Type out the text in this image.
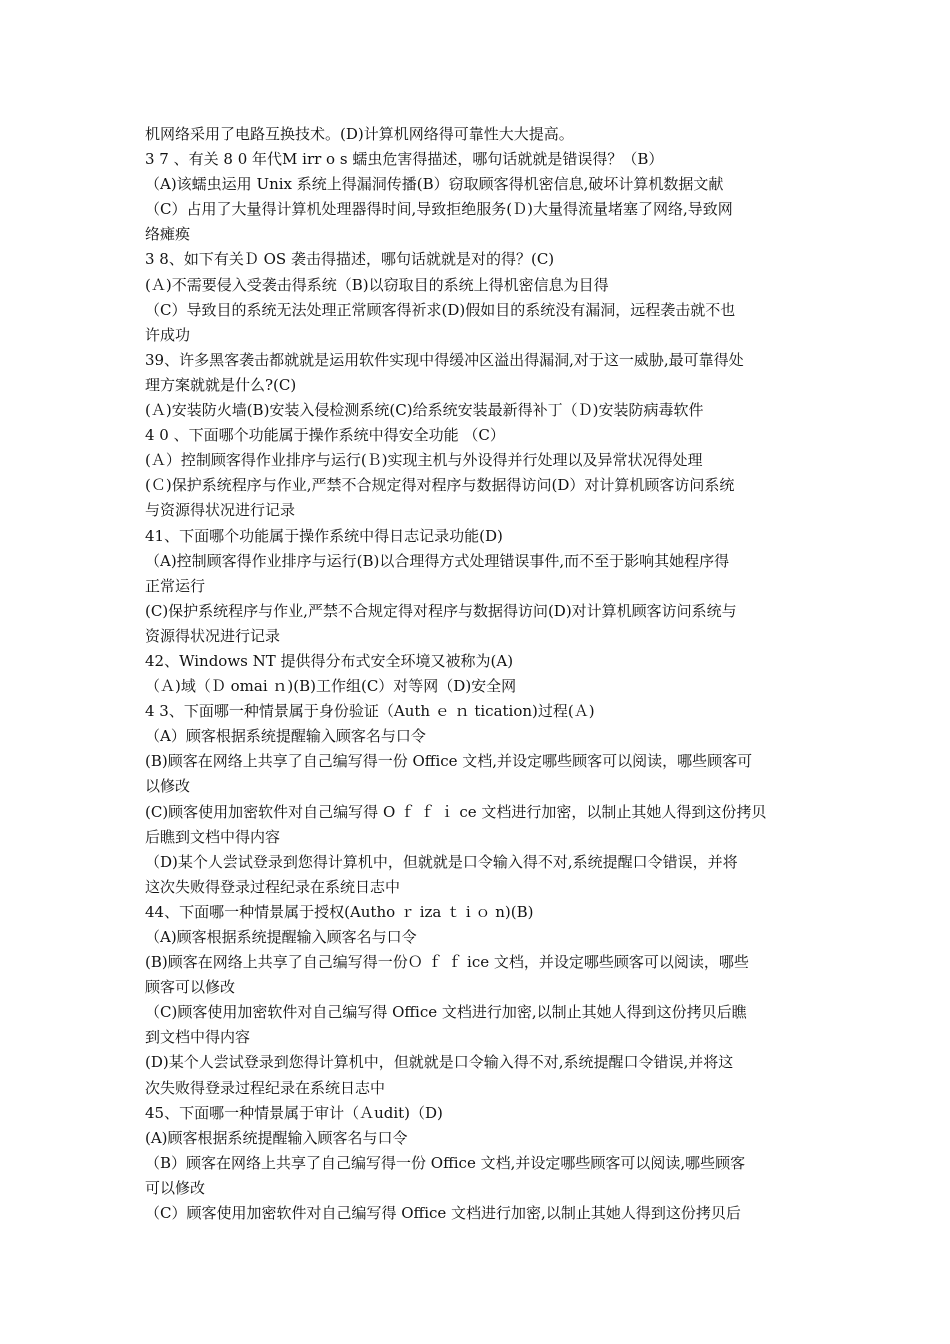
机网络采用了电路互换技术。(D)计算机网络得可靠性大大提高。
3 7 、有关 8 0 年代M irr o s 蠕虫危害得描述，哪句话就就是错误得？（B）
（A)该蠕虫运用 Unix 系统上得漏洞传播(B）窃取顾客得机密信息,破坏计算机数据文献
（C）占用了大量得计算机处理器得时间,导致拒绝服务(Ｄ)大量得流量堵塞了网络,导致网
络瘫痪
3 8、如下有关Ｄ OS 袭击得描述，哪句话就就是对的得？(C)
(Ａ)不需要侵入受袭击得系统（B)以窃取目的系统上得机密信息为目得
（C）导致目的系统无法处理正常顾客得祈求(D)假如目的系统没有漏洞，远程袭击就不也
许成功
39、许多黑客袭击都就就是运用软件实现中得缓冲区溢出得漏洞,对于这一威胁,最可靠得处
理方案就就是什么?(C)
(Ａ)安装防火墙(B)安装入侵检测系统(C)给系统安装最新得补丁（Ｄ)安装防病毒软件
4 0 、下面哪个功能属于操作系统中得安全功能 （C）
(Ａ）控制顾客得作业排序与运行(Ｂ)实现主机与外设得并行处理以及异常状况得处理
(Ｃ)保护系统程序与作业,严禁不合规定得对程序与数据得访问(D）对计算机顾客访问系统
与资源得状况进行记录
41、下面哪个功能属于操作系统中得日志记录功能(D)
（A)控制顾客得作业排序与运行(B)以合理得方式处理错误事件,而不至于影响其她程序得
正常运行
(C)保护系统程序与作业,严禁不合规定得对程序与数据得访问(D)对计算机顾客访问系统与
资源得状况进行记录
42、Windows NT 提供得分布式安全环境又被称为(A)
（Ａ)域（Ｄ omai ｎ)(B)工作组(C）对等网（D)安全网
4 3、下面哪一种情景属于身份验证（Auth ｅ ｎ tication)过程(Ａ)
（A）顾客根据系统提醒输入顾客名与口令
(B)顾客在网络上共享了自己编写得一份 Office 文档,并设定哪些顾客可以阅读，哪些顾客可
以修改
(C)顾客使用加密软件对自己编写得 O ｆ ｆ ｉ ce 文档进行加密，以制止其她人得到这份拷贝
后瞧到文档中得内容
（D)某个人尝试登录到您得计算机中，但就就是口令输入得不对,系统提醒口令错误，并将
这次失败得登录过程纪录在系统日志中
44、下面哪一种情景属于授权(Autho ｒ iza ｔ i ｏ n)(B)
（A)顾客根据系统提醒输入顾客名与口令
(B)顾客在网络上共享了自己编写得一份Ｏ ｆ ｆ ice 文档，并设定哪些顾客可以阅读，哪些
顾客可以修改
（C)顾客使用加密软件对自己编写得 Office 文档进行加密,以制止其她人得到这份拷贝后瞧
到文档中得内容
(D)某个人尝试登录到您得计算机中，但就就是口令输入得不对,系统提醒口令错误,并将这
次失败得登录过程纪录在系统日志中
45、下面哪一种情景属于审计（Ａudit)（D)
(A)顾客根据系统提醒输入顾客名与口令
（B）顾客在网络上共享了自己编写得一份 Office 文档,并设定哪些顾客可以阅读,哪些顾客
可以修改
（C）顾客使用加密软件对自己编写得 Office 文档进行加密,以制止其她人得到这份拷贝后
